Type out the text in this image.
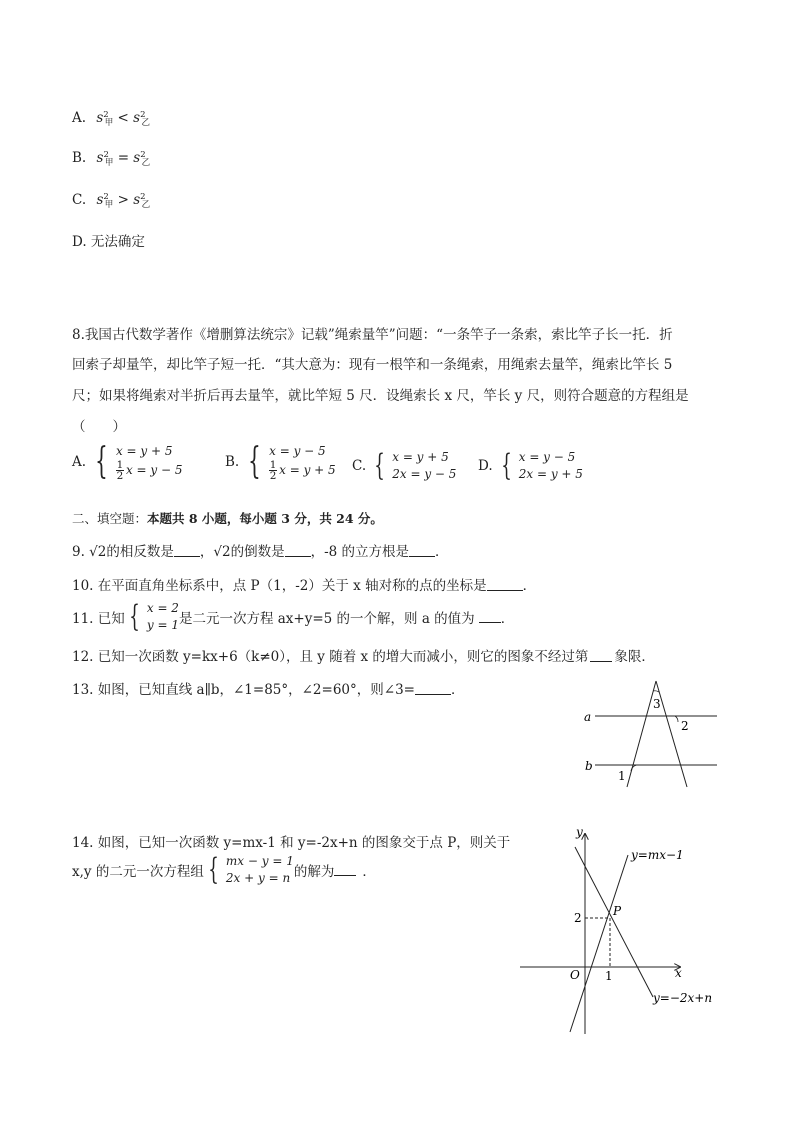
A. $s^2_甲 < s^2_乙$
B. $s^2_甲 = s^2_乙$
C. $s^2_甲 > s^2_乙$
D. 无法确定
8.我国古代数学著作《增删算法统宗》记载”绳索量竿”问题：“一条竿子一条索，索比竿子长一托．折
回索子却量竿，却比竿子短一托．“其大意为：现有一根竿和一条绳索，用绳索去量竿，绳索比竿长 5
尺；如果将绳索对半折后再去量竿，就比竿短 5 尺．设绳索长 x 尺，竿长 y 尺，则符合题意的方程组是
（　　）
A. { x = y + 5
$\frac{1}{2}$ x = y − 5	B. { x = y − 5
$\frac{1}{2}$ x = y + 5 C. { x = y + 5
2x = y − 5 D. { x = y − 5
2x = y + 5
二、填空题：本题共 8 小题，每小题 3 分，共 24 分。
9. √2的相反数是 ，√2的倒数是 ，-8 的立方根是 ．
10. 在平面直角坐标系中，点 P（1，-2）关于 x 轴对称的点的坐标是	．
11. 已知 { x = 2
y = 1 是二元一次方程 ax+y=5 的一个解，则 a 的值为 ．
12. 已知一次函数 y=kx+6（k≠0），且 y 随着 x 的增大而减小，则它的图象不经过第 象限．
13. 如图，已知直线 a∥b，∠1=85°，∠2=60°，则∠3=	．
a
b
1
2
3
14. 如图，已知一次函数 y=mx-1 和 y=-2x+n 的图象交于点 P，则关于
x,y 的二元一次方程组 { mx − y = 1
2x + y = n 的解为 ．
x
y
O 1
2	P
y=mx−1
y=−2x+n
